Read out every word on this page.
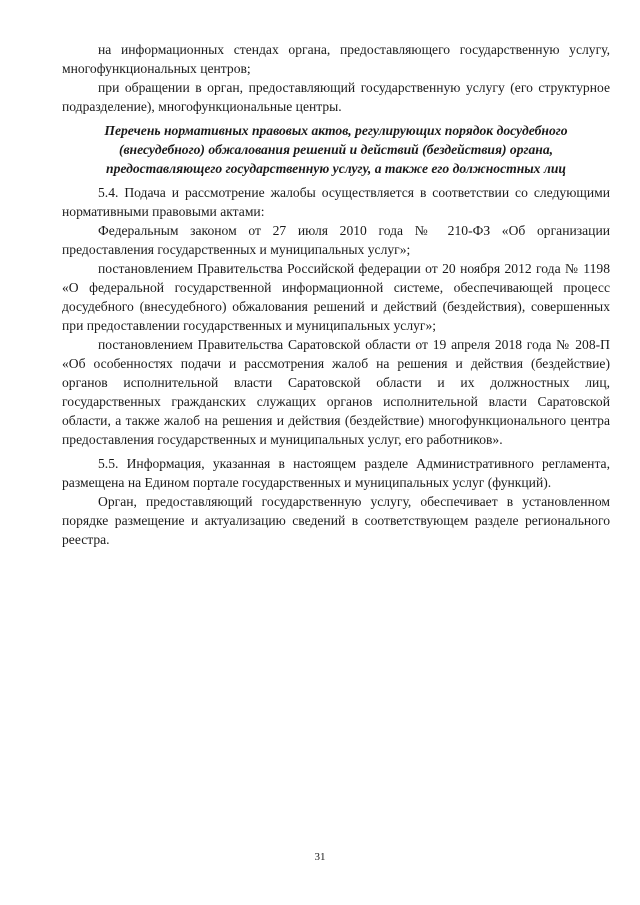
на информационных стендах органа, предоставляющего государственную услугу, многофункциональных центров;

при обращении в орган, предоставляющий государственную услугу (его структурное подразделение), многофункциональные центры.

Перечень нормативных правовых актов, регулирующих порядок досудебного (внесудебного) обжалования решений и действий (бездействия) органа, предоставляющего государственную услугу, а также его должностных лиц

5.4. Подача и рассмотрение жалобы осуществляется в соответствии со следующими нормативными правовыми актами:

Федеральным законом от 27 июля 2010 года № 210-ФЗ «Об организации предоставления государственных и муниципальных услуг»;

постановлением Правительства Российской федерации от 20 ноября 2012 года № 1198 «О федеральной государственной информационной системе, обеспечивающей процесс досудебного (внесудебного) обжалования решений и действий (бездействия), совершенных при предоставлении государственных и муниципальных услуг»;

постановлением Правительства Саратовской области от 19 апреля 2018 года № 208-П «Об особенностях подачи и рассмотрения жалоб на решения и действия (бездействие) органов исполнительной власти Саратовской области и их должностных лиц, государственных гражданских служащих органов исполнительной власти Саратовской области, а также жалоб на решения и действия (бездействие) многофункционального центра предоставления государственных и муниципальных услуг, его работников».

5.5. Информация, указанная в настоящем разделе Административного регламента, размещена на Едином портале государственных и муниципальных услуг (функций).

Орган, предоставляющий государственную услугу, обеспечивает в установленном порядке размещение и актуализацию сведений в соответствующем разделе регионального реестра.

31
